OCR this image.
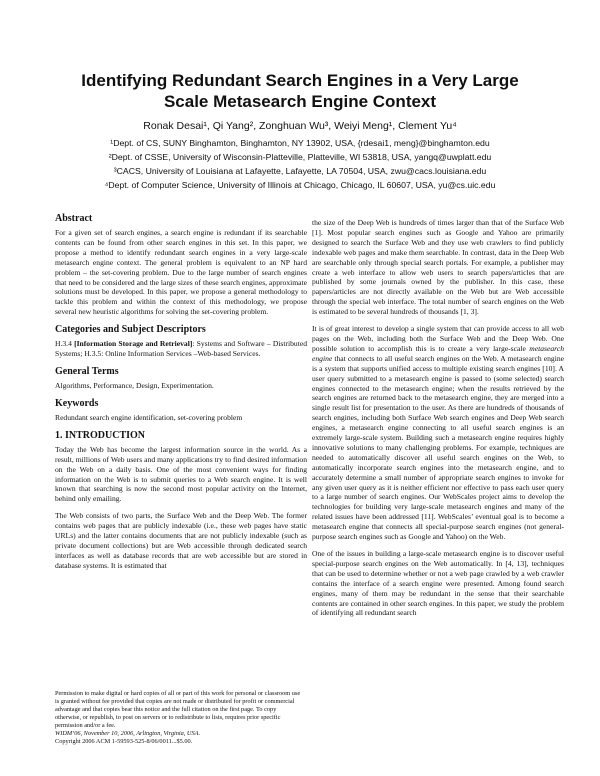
Identifying Redundant Search Engines in a Very Large
Scale Metasearch Engine Context
Ronak Desai¹, Qi Yang², Zonghuan Wu³, Weiyi Meng¹, Clement Yu⁴
¹Dept. of CS, SUNY Binghamton, Binghamton, NY 13902, USA, {rdesai1, meng}@binghamton.edu
²Dept. of CSSE, University of Wisconsin-Platteville, Platteville, WI 53818, USA, yangq@uwplatt.edu
³CACS, University of Louisiana at Lafayette, Lafayette, LA 70504, USA, zwu@cacs.louisiana.edu
⁴Dept. of Computer Science, University of Illinois at Chicago, Chicago, IL 60607, USA, yu@cs.uic.edu
Abstract

For a given set of search engines, a search engine is redundant if its searchable contents can be found from other search engines in this set. In this paper, we propose a method to identify redundant search engines in a very large-scale metasearch engine context. The general problem is equivalent to an NP hard problem – the set-covering problem. Due to the large number of search engines that need to be considered and the large sizes of these search engines, approximate solutions must be developed. In this paper, we propose a general methodology to tackle this problem and within the context of this methodology, we propose several new heuristic algorithms for solving the set-covering problem.

Categories and Subject Descriptors

H.3.4 [Information Storage and Retrieval]: Systems and Software – Distributed Systems; H.3.5: Online Information Services –Web-based Services.

General Terms

Algorithms, Performance, Design, Experimentation.

Keywords

Redundant search engine identification, set-covering problem

1. INTRODUCTION

Today the Web has become the largest information source in the world. As a result, millions of Web users and many applications try to find desired information on the Web on a daily basis. One of the most convenient ways for finding information on the Web is to submit queries to a Web search engine. It is well known that searching is now the second most popular activity on the Internet, behind only emailing.

The Web consists of two parts, the Surface Web and the Deep Web. The former contains web pages that are publicly indexable (i.e., these web pages have static URLs) and the latter contains documents that are not publicly indexable (such as private document collections) but are Web accessible through dedicated search interfaces as well as database records that are web accessible but are stored in database systems. It is estimated that

Permission to make digital or hard copies of all or part of this work for personal or classroom use is granted without fee provided that copies are not made or distributed for profit or commercial advantage and that copies bear this notice and the full citation on the first page. To copy otherwise, or republish, to post on servers or to redistribute to lists, requires prior specific permission and/or a fee.

WIDM’06, November 10, 2006, Arlington, Virginia, USA.

Copyright 2006 ACM 1-59593-525-8/06/0011...$5.00.

the size of the Deep Web is hundreds of times larger than that of the Surface Web [1]. Most popular search engines such as Google and Yahoo are primarily designed to search the Surface Web and they use web crawlers to find publicly indexable web pages and make them searchable. In contrast, data in the Deep Web are searchable only through special search portals. For example, a publisher may create a web interface to allow web users to search papers/articles that are published by some journals owned by the publisher. In this case, these papers/articles are not directly available on the Web but are Web accessible through the special web interface. The total number of search engines on the Web is estimated to be several hundreds of thousands [1, 3].

It is of great interest to develop a single system that can provide access to all web pages on the Web, including both the Surface Web and the Deep Web. One possible solution to accomplish this is to create a very large-scale metasearch engine that connects to all useful search engines on the Web. A metasearch engine is a system that supports unified access to multiple existing search engines [10]. A user query submitted to a metasearch engine is passed to (some selected) search engines connected to the metasearch engine; when the results retrieved by the search engines are returned back to the metasearch engine, they are merged into a single result list for presentation to the user. As there are hundreds of thousands of search engines, including both Surface Web search engines and Deep Web search engines, a metasearch engine connecting to all useful search engines is an extremely large-scale system. Building such a metasearch engine requires highly innovative solutions to many challenging problems. For example, techniques are needed to automatically discover all useful search engines on the Web, to automatically incorporate search engines into the metasearch engine, and to accurately determine a small number of appropriate search engines to invoke for any given user query as it is neither efficient nor effective to pass each user query to a large number of search engines. Our WebScales project aims to develop the technologies for building very large-scale metasearch engines and many of the related issues have been addressed [11]. WebScales’ eventual goal is to become a metasearch engine that connects all special-purpose search engines (not general-purpose search engines such as Google and Yahoo) on the Web.

One of the issues in building a large-scale metasearch engine is to discover useful special-purpose search engines on the Web automatically. In [4, 13], techniques that can be used to determine whether or not a web page crawled by a web crawler contains the interface of a search engine were presented. Among found search engines, many of them may be redundant in the sense that their searchable contents are contained in other search engines. In this paper, we study the problem of identifying all redundant search
